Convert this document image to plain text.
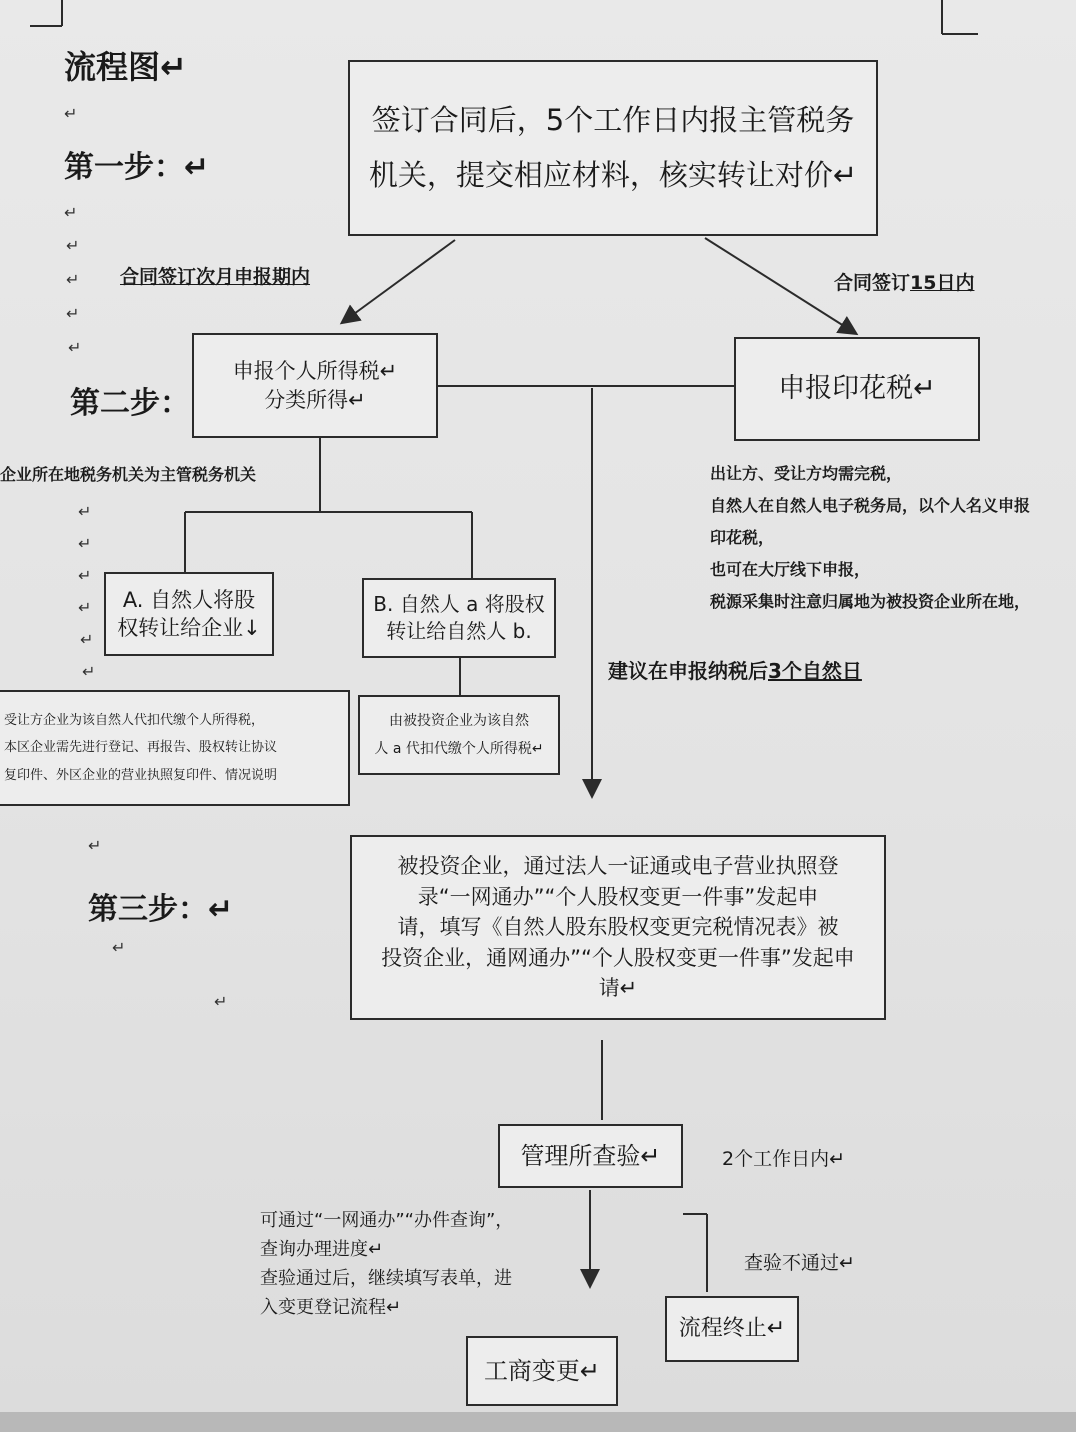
流程图↵
第一步：↵
第二步：
第三步：↵
↵
↵
↵
↵
↵
↵
↵
↵
↵
↵
↵
↵
↵
↵
↵
签订合同后，5个工作日内报主管税务
机关，提交相应材料，核实转让对价↵
申报个人所得税↵
分类所得↵	申报印花税↵
A. 自然人将股
权转让给企业↓
B. 自然人 a 将股权
转让给自然人 b.
受让方企业为该自然人代扣代缴个人所得税，
本区企业需先进行登记、再报告、股权转让协议
复印件、外区企业的营业执照复印件、情况说明
由被投资企业为该自然
人 a 代扣代缴个人所得税↵
被投资企业，通过法人一证通或电子营业执照登
录“一网通办”“个人股权变更一件事”发起申
请，填写《自然人股东股权变更完税情况表》被
投资企业，通网通办”“个人股权变更一件事”发起申
请↵
管理所查验↵
流程终止↵
工商变更↵
合同签订次月申报期内	合同签订15日内
企业所在地税务机关为主管税务机关	出让方、受让方均需完税，
自然人在自然人电子税务局，以个人名义申报
印花税，
也可在大厅线下申报，
税源采集时注意归属地为被投资企业所在地，
建议在申报纳税后3个自然日
2个工作日内↵
查验不通过↵
可通过“一网通办”“办件查询”，
查询办理进度↵
查验通过后，继续填写表单，进
入变更登记流程↵
